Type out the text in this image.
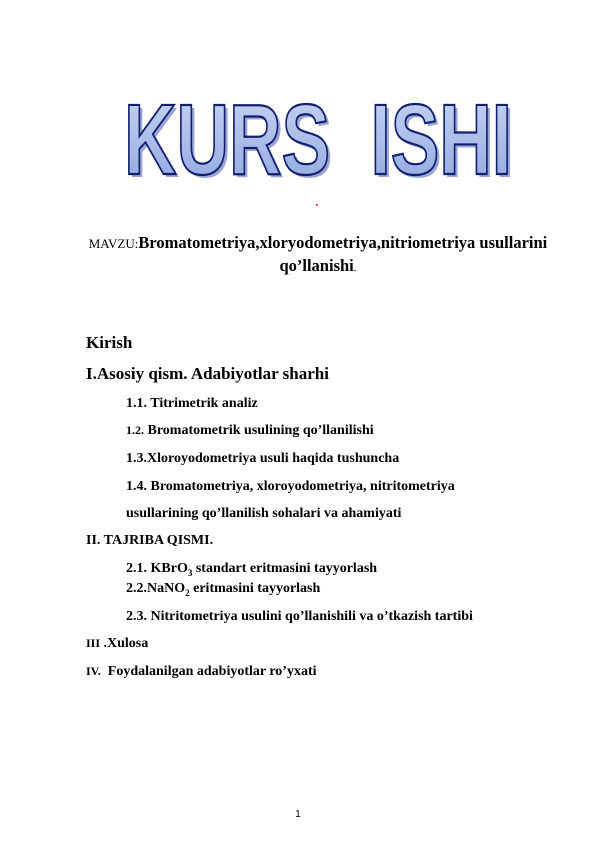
KURS  ISHI
KURS  ISHI
MAVZU:Bromatometriya,xloryodometriya,nitriometriya usullarini qo’llanishi.
Kirish
I.Asosiy qism. Adabiyotlar sharhi
1.1. Titrimetrik analiz
1.2. Bromatometrik usulining qo’llanilishi
1.3.Xloroyodometriya usuli haqida tushuncha
1.4. Bromatometriya, xloroyodometriya, nitritometriya
usullarining qo’llanilish sohalari va ahamiyati
II. TAJRIBA QISMI.
2.1. KBrO$_3$ standart eritmasini tayyorlash
2.2.NaNO$_2$ eritmasini tayyorlash
2.3. Nitritometriya usulini qo’llanishili va o’tkazish tartibi
III .Xulosa
IV.  Foydalanilgan adabiyotlar ro’yxati
1
